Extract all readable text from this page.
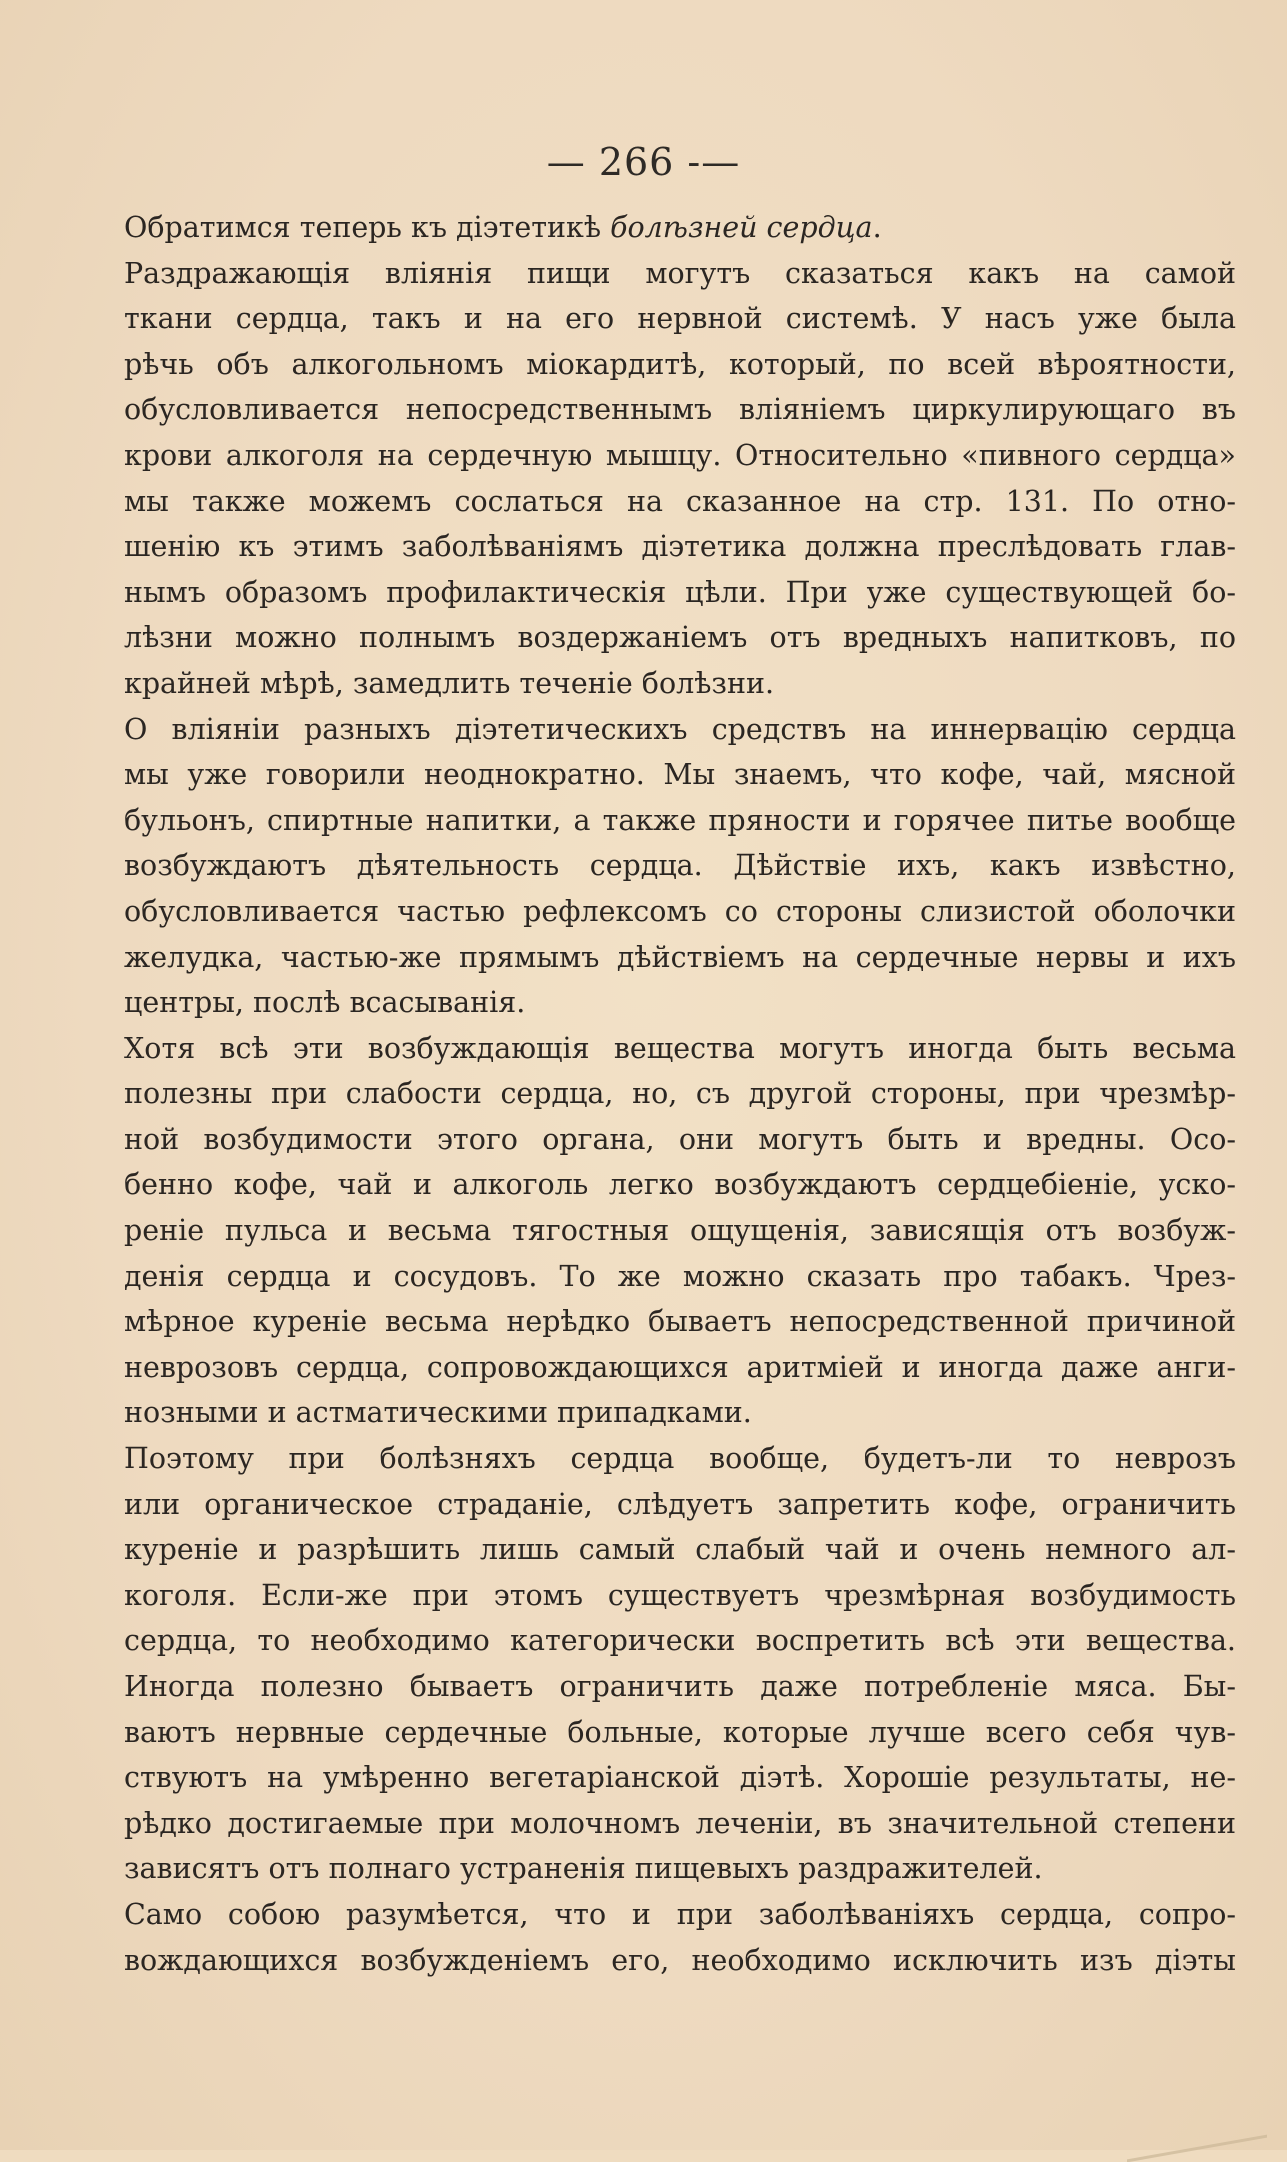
— 266 -—
Обратимся теперь къ діэтетикѣ болѣзней сердца.
Раздражающія вліянія пищи могутъ сказаться какъ на самой
ткани сердца, такъ и на его нервной системѣ. У насъ уже была
рѣчь объ алкогольномъ міокардитѣ, который, по всей вѣроятности,
обусловливается непосредственнымъ вліяніемъ циркулирующаго въ
крови алкоголя на сердечную мышцу. Относительно «пивного сердца»
мы также можемъ сослаться на сказанное на стр. 131. По отно-
шенію къ этимъ заболѣваніямъ діэтетика должна преслѣдовать глав-
нымъ образомъ профилактическія цѣли. При уже существующей бо-
лѣзни можно полнымъ воздержаніемъ отъ вредныхъ напитковъ, по
крайней мѣрѣ, замедлить теченіе болѣзни.
О вліяніи разныхъ діэтетическихъ средствъ на иннервацію сердца
мы уже говорили неоднократно. Мы знаемъ, что кофе, чай, мясной
бульонъ, спиртные напитки, а также пряности и горячее питье вообще
возбуждаютъ дѣятельность сердца. Дѣйствіе ихъ, какъ извѣстно,
обусловливается частью рефлексомъ со стороны слизистой оболочки
желудка, частью-же прямымъ дѣйствіемъ на сердечные нервы и ихъ
центры, послѣ всасыванія.
Хотя всѣ эти возбуждающія вещества могутъ иногда быть весьма
полезны при слабости сердца, но, съ другой стороны, при чрезмѣр-
ной возбудимости этого органа, они могутъ быть и вредны. Осо-
бенно кофе, чай и алкоголь легко возбуждаютъ сердцебіеніе, уско-
реніе пульса и весьма тягостныя ощущенія, зависящія отъ возбуж-
денія сердца и сосудовъ. То же можно сказать про табакъ. Чрез-
мѣрное куреніе весьма нерѣдко бываетъ непосредственной причиной
неврозовъ сердца, сопровождающихся аритміей и иногда даже анги-
нозными и астматическими припадками.
Поэтому при болѣзняхъ сердца вообще, будетъ-ли то неврозъ
или органическое страданіе, слѣдуетъ запретить кофе, ограничить
куреніе и разрѣшить лишь самый слабый чай и очень немного ал-
коголя. Если-же при этомъ существуетъ чрезмѣрная возбудимость
сердца, то необходимо категорически воспретить всѣ эти вещества.
Иногда полезно бываетъ ограничить даже потребленіе мяса. Бы-
ваютъ нервные сердечные больные, которые лучше всего себя чув-
ствуютъ на умѣренно вегетаріанской діэтѣ. Хорошіе результаты, не-
рѣдко достигаемые при молочномъ леченіи, въ значительной степени
зависятъ отъ полнаго устраненія пищевыхъ раздражителей.
Само собою разумѣется, что и при заболѣваніяхъ сердца, сопро-
вождающихся возбужденіемъ его, необходимо исключить изъ діэты
